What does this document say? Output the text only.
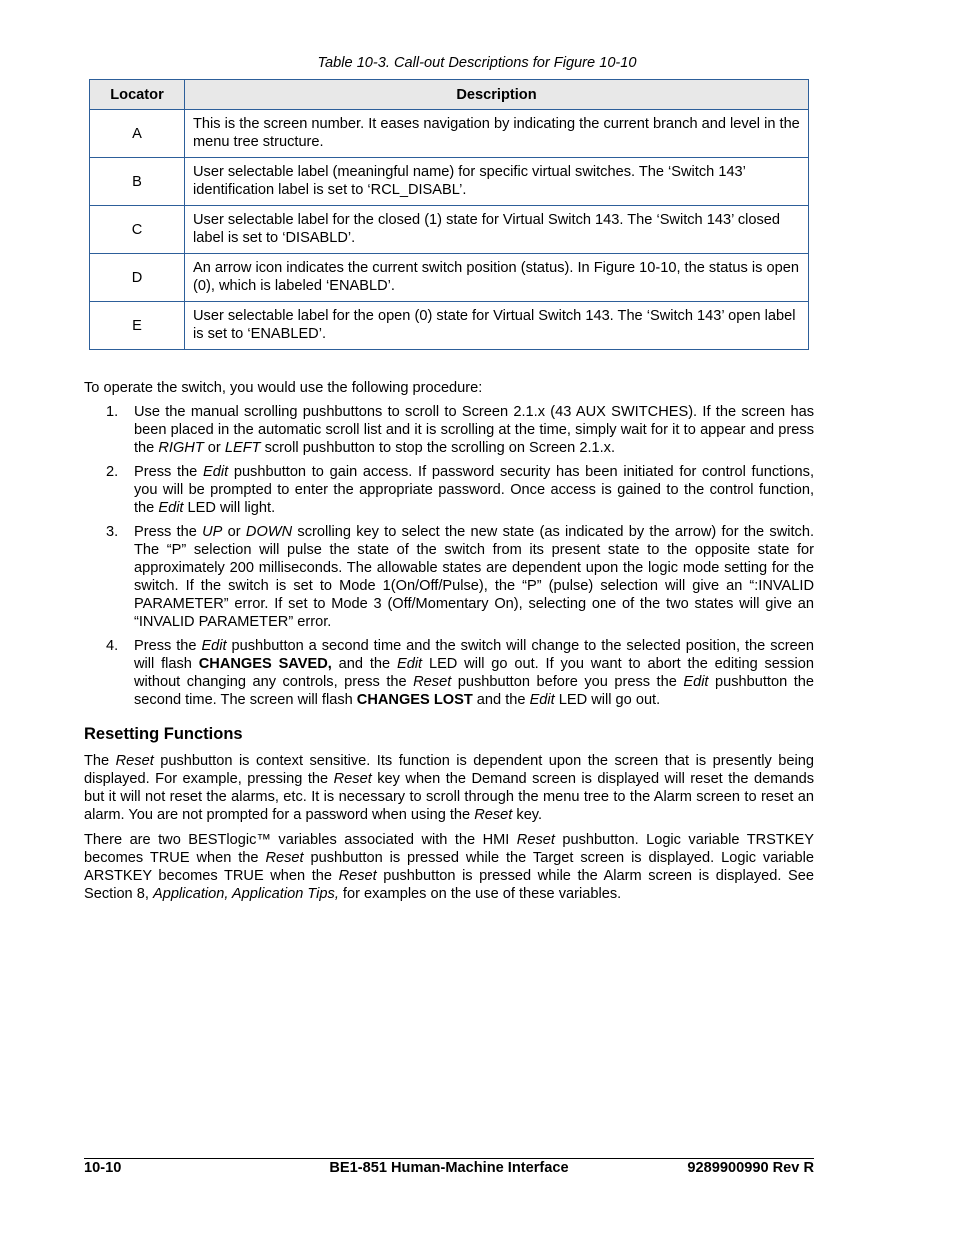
Table 10-3. Call-out Descriptions for Figure 10-10
Locator	Description
A	This is the screen number. It eases navigation by indicating the current branch and level in the menu tree structure.
B	User selectable label (meaningful name) for specific virtual switches. The ‘Switch 143’ identification label is set to ‘RCL_DISABL’.
C	User selectable label for the closed (1) state for Virtual Switch 143. The ‘Switch 143’ closed label is set to ‘DISABLD’.
D	An arrow icon indicates the current switch position (status). In Figure 10-10, the status is open (0), which is labeled ‘ENABLD’.
E	User selectable label for the open (0) state for Virtual Switch 143. The ‘Switch 143’ open label is set to ‘ENABLED’.

To operate the switch, you would use the following procedure:

1. Use the manual scrolling pushbuttons to scroll to Screen 2.1.x (43 AUX SWITCHES). If the screen has been placed in the automatic scroll list and it is scrolling at the time, simply wait for it to appear and press the RIGHT or LEFT scroll pushbutton to stop the scrolling on Screen 2.1.x.
2. Press the Edit pushbutton to gain access. If password security has been initiated for control functions, you will be prompted to enter the appropriate password. Once access is gained to the control function, the Edit LED will light.
3. Press the UP or DOWN scrolling key to select the new state (as indicated by the arrow) for the switch. The “P” selection will pulse the state of the switch from its present state to the opposite state for approximately 200 milliseconds. The allowable states are dependent upon the logic mode setting for the switch. If the switch is set to Mode 1(On/Off/Pulse), the “P” (pulse) selection will give an “:INVALID PARAMETER” error. If set to Mode 3 (Off/Momentary On), selecting one of the two states will give an “INVALID PARAMETER” error.
4. Press the Edit pushbutton a second time and the switch will change to the selected position, the screen will flash CHANGES SAVED, and the Edit LED will go out. If you want to abort the editing session without changing any controls, press the Reset pushbutton before you press the Edit pushbutton the second time. The screen will flash CHANGES LOST and the Edit LED will go out.
Resetting Functions

The Reset pushbutton is context sensitive. Its function is dependent upon the screen that is presently being displayed. For example, pressing the Reset key when the Demand screen is displayed will reset the demands but it will not reset the alarms, etc. It is necessary to scroll through the menu tree to the Alarm screen to reset an alarm. You are not prompted for a password when using the Reset key.

There are two BESTlogic™ variables associated with the HMI Reset pushbutton. Logic variable TRSTKEY becomes TRUE when the Reset pushbutton is pressed while the Target screen is displayed. Logic variable ARSTKEY becomes TRUE when the Reset pushbutton is pressed while the Alarm screen is displayed. See Section 8, Application, Application Tips, for examples on the use of these variables.

10-10	BE1-851 Human-Machine Interface	9289900990 Rev R
